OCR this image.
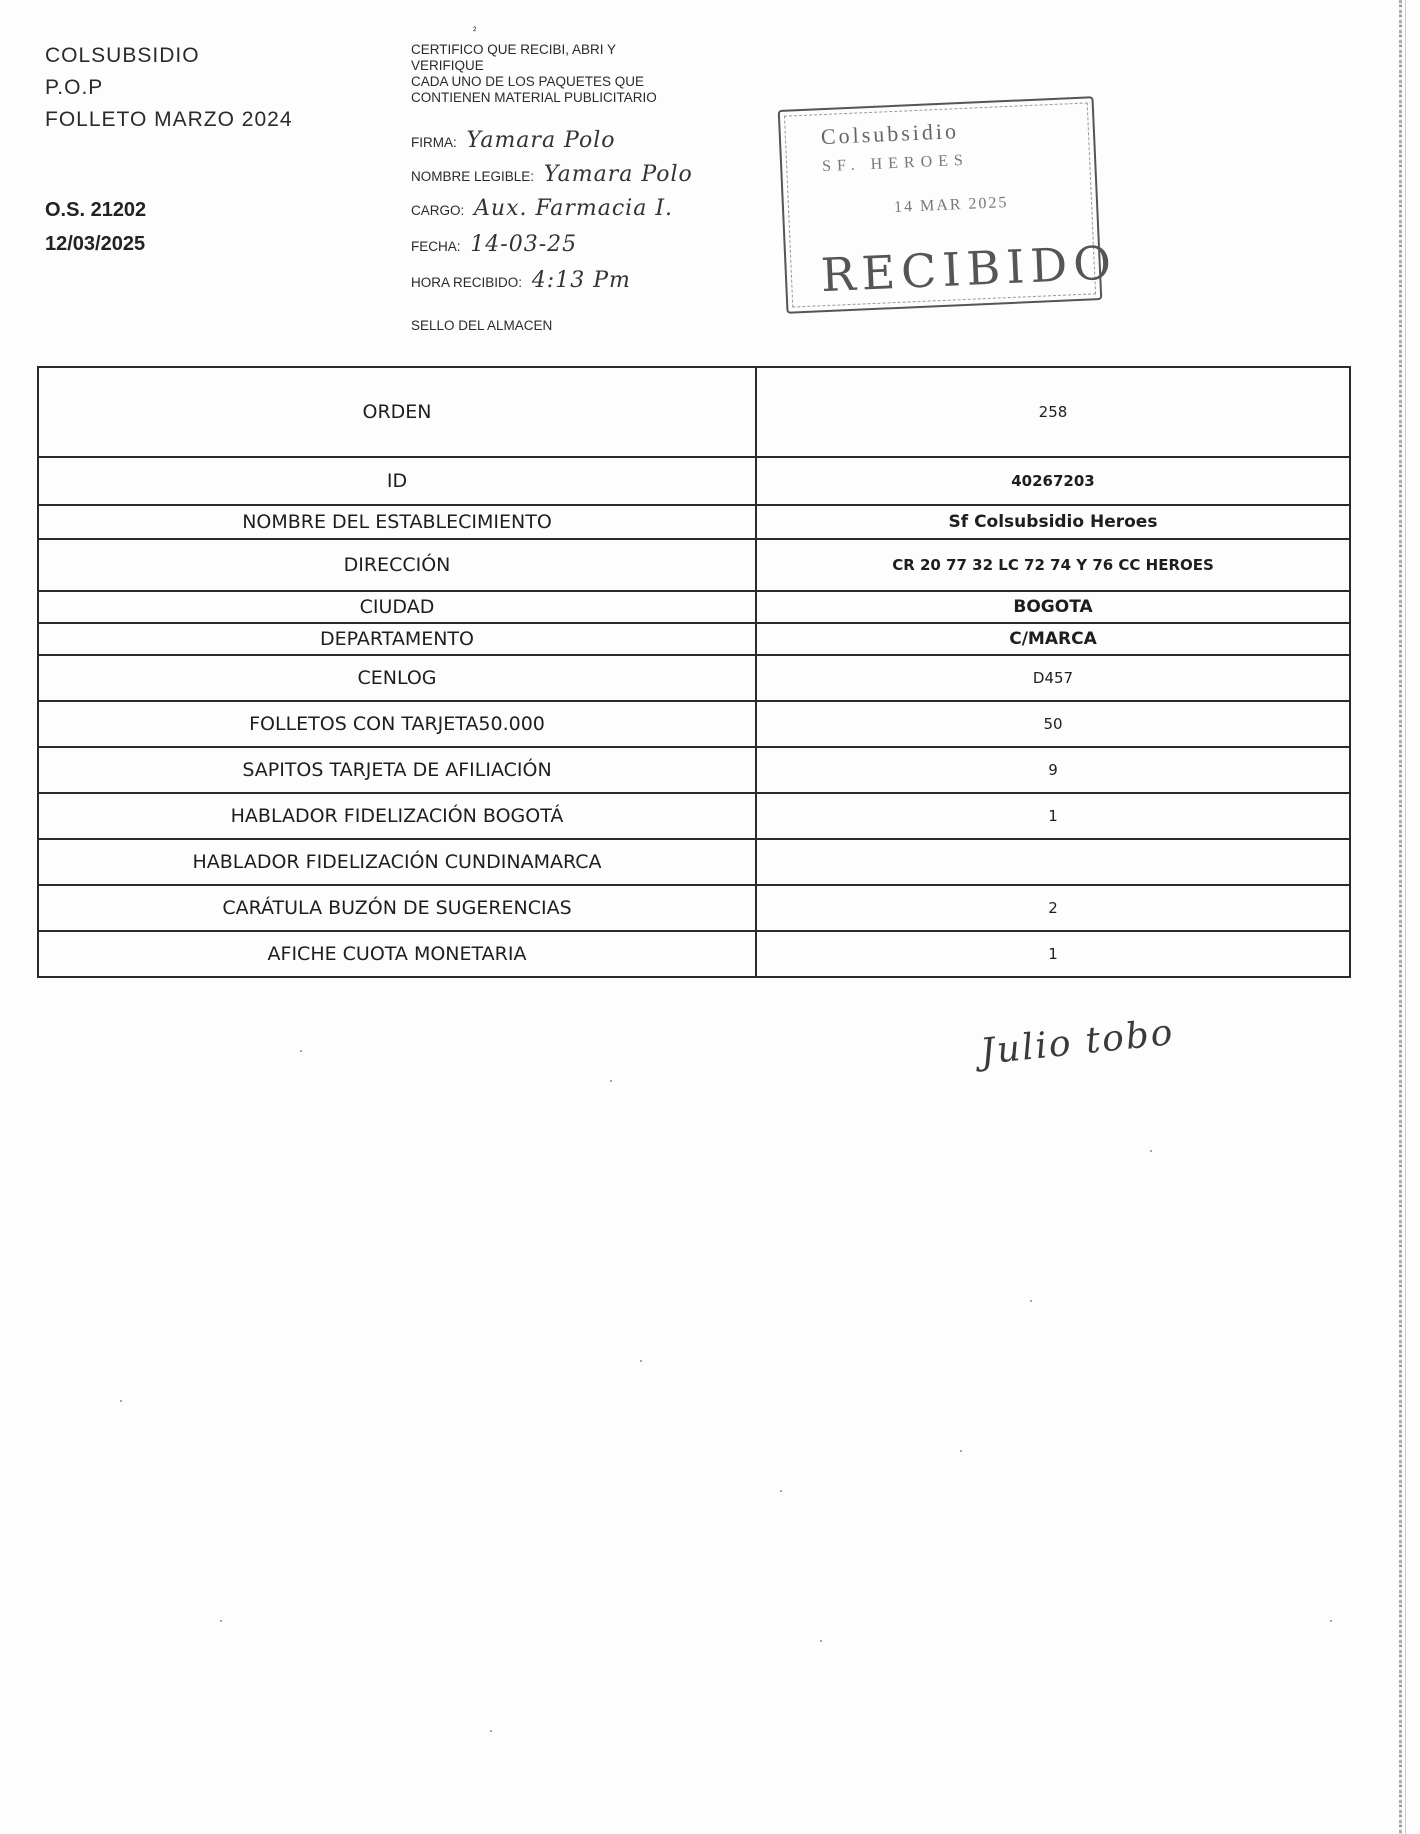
COLSUBSIDIO
P.O.P
FOLLETO MARZO 2024
O.S. 21202
12/03/2025
²
CERTIFICO QUE RECIBI, ABRI Y
VERIFIQUE
CADA UNO DE LOS PAQUETES QUE
CONTIENEN MATERIAL PUBLICITARIO
FIRMA: Yamara Polo
NOMBRE LEGIBLE: Yamara Polo
CARGO: Aux. Farmacia I.
FECHA: 14-03-25
HORA RECIBIDO: 4:13 Pm
SELLO DEL ALMACEN
Colsubsidio
SF. HEROES
14 MAR 2025
RECIBIDO
ORDEN	258
ID	40267203
NOMBRE DEL ESTABLECIMIENTO	Sf Colsubsidio Heroes
DIRECCIÓN	CR 20 77 32 LC 72 74 Y 76 CC HEROES
CIUDAD	BOGOTA
DEPARTAMENTO	C/MARCA
CENLOG	D457
FOLLETOS CON TARJETA50.000	50
SAPITOS TARJETA DE AFILIACIÓN	9
HABLADOR FIDELIZACIÓN BOGOTÁ	1
HABLADOR FIDELIZACIÓN CUNDINAMARCA	
CARÁTULA BUZÓN DE SUGERENCIAS	2
AFICHE CUOTA MONETARIA	1
Julio tobo
